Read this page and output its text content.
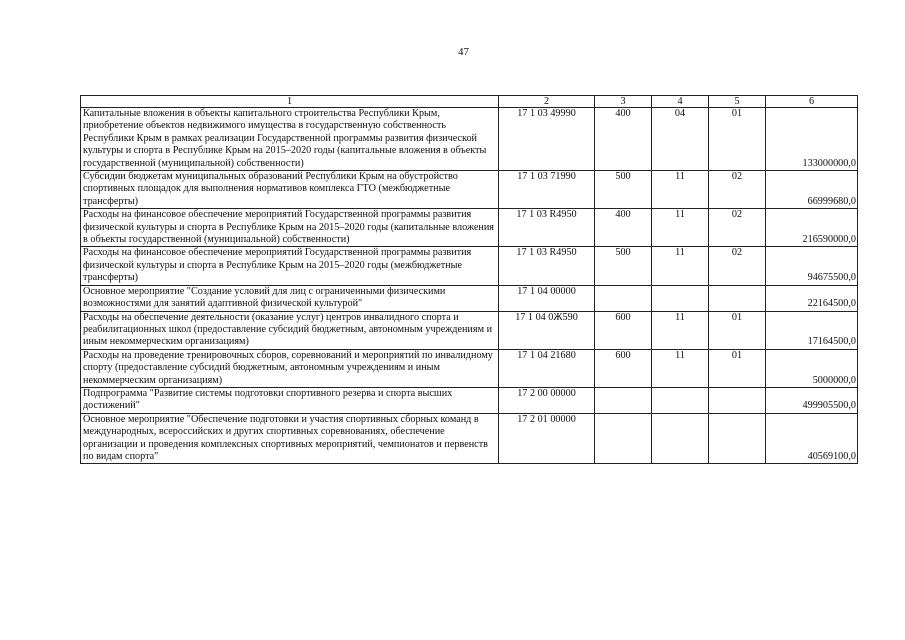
47
1	2	3	4	5	6
Капитальные вложения в объекты капитального строительства Республики Крым, приобретение объектов недвижимого имущества в государственную собственность Республики Крым в рамках реализации Государственной программы развития физической культуры и спорта в Республике Крым на 2015–2020 годы (капитальные вложения в объекты государственной (муниципальной) собственности)	17 1 03 49990	400	04	01	133000000,0
Субсидии бюджетам муниципальных образований Республики Крым на обустройство спортивных площадок для выполнения нормативов комплекса ГТО (межбюджетные трансферты)	17 1 03 71990	500	11	02	66999680,0
Расходы на финансовое обеспечение мероприятий Государственной программы развития физической культуры и спорта в Республике Крым на 2015–2020 годы (капитальные вложения в объекты государственной (муниципальной) собственности)	17 1 03 R4950	400	11	02	216590000,0
Расходы на финансовое обеспечение мероприятий Государственной программы развития физической культуры и спорта в Республике Крым на 2015–2020 годы (межбюджетные трансферты)	17 1 03 R4950	500	11	02	94675500,0
Основное мероприятие "Создание условий для лиц с ограниченными физическими возможностями для занятий адаптивной физической культурой"	17 1 04 00000				22164500,0
Расходы на обеспечение деятельности (оказание услуг) центров инвалидного спорта и реабилитационных школ (предоставление субсидий бюджетным, автономным учреждениям и иным некоммерческим организациям)	17 1 04 0Ж590	600	11	01	17164500,0
Расходы на проведение тренировочных сборов, соревнований и мероприятий по инвалидному спорту (предоставление субсидий бюджетным, автономным учреждениям и иным некоммерческим организациям)	17 1 04 21680	600	11	01	5000000,0
Подпрограмма "Развитие системы подготовки спортивного резерва и спорта высших достижений"	17 2 00 00000				499905500,0
Основное мероприятие "Обеспечение подготовки и участия спортивных сборных команд в международных, всероссийских и других спортивных соревнованиях, обеспечение организации и проведения комплексных спортивных мероприятий, чемпионатов и первенств по видам спорта"	17 2 01 00000				40569100,0
